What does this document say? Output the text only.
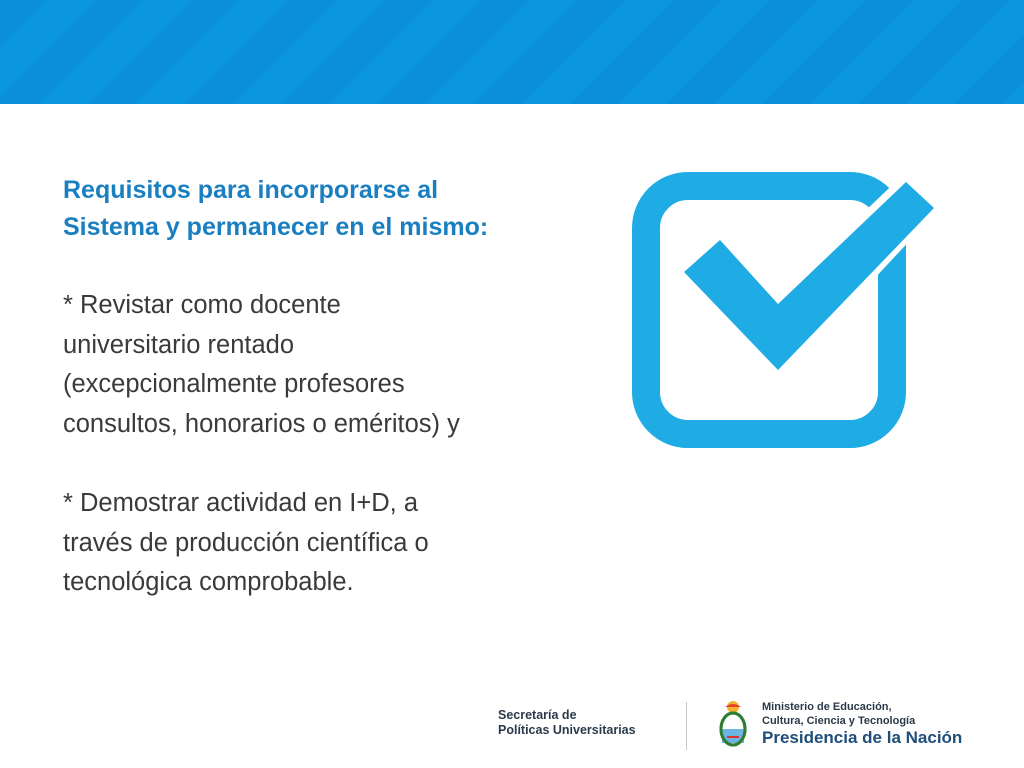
Requisitos para incorporarse al
Sistema y permanecer en el mismo:

* Revistar como docente
universitario rentado
(excepcionalmente profesores
consultos, honorarios o eméritos) y

* Demostrar actividad en I+D, a
través de producción científica o
tecnológica comprobable.

Secretaría de
Políticas Universitarias
Ministerio de Educación,
Cultura, Ciencia y Tecnología
Presidencia de la Nación
